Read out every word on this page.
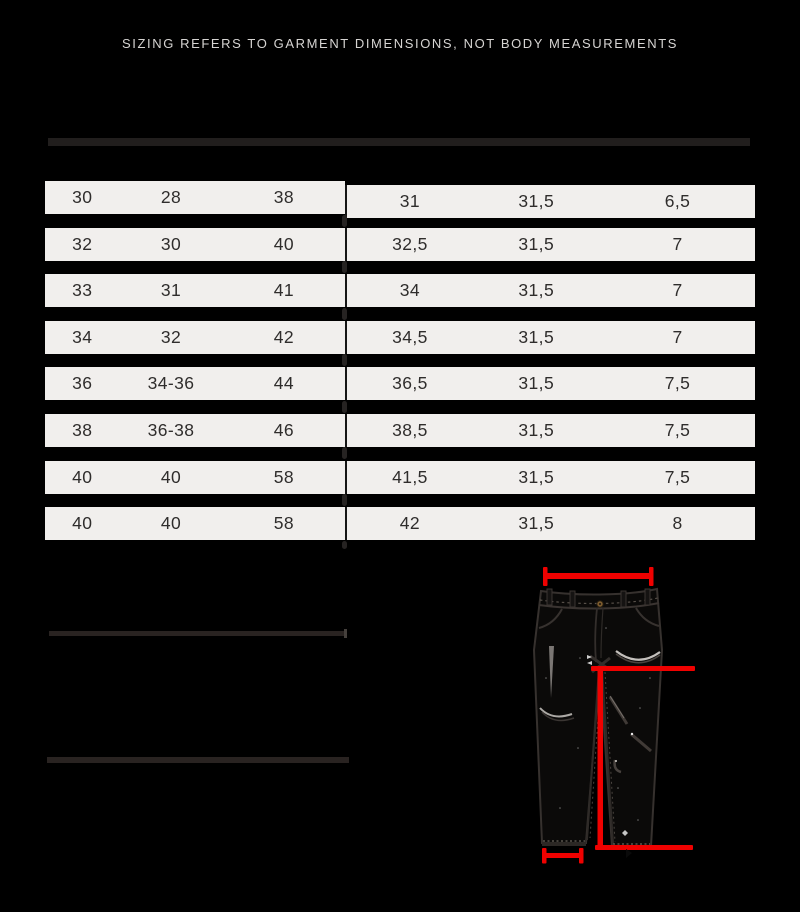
SIZING REFERS TO GARMENT DIMENSIONS, NOT BODY MEASUREMENTS
30	28	38	31	31,5	6,5
32	30	40	32,5	31,5	7
33	31	41	34	31,5	7
34	32	42	34,5	31,5	7
36	34-36	44	36,5	31,5	7,5
38	36-38	46	38,5	31,5	7,5
40	40	58	41,5	31,5	7,5
40	40	58	42	31,5	8
